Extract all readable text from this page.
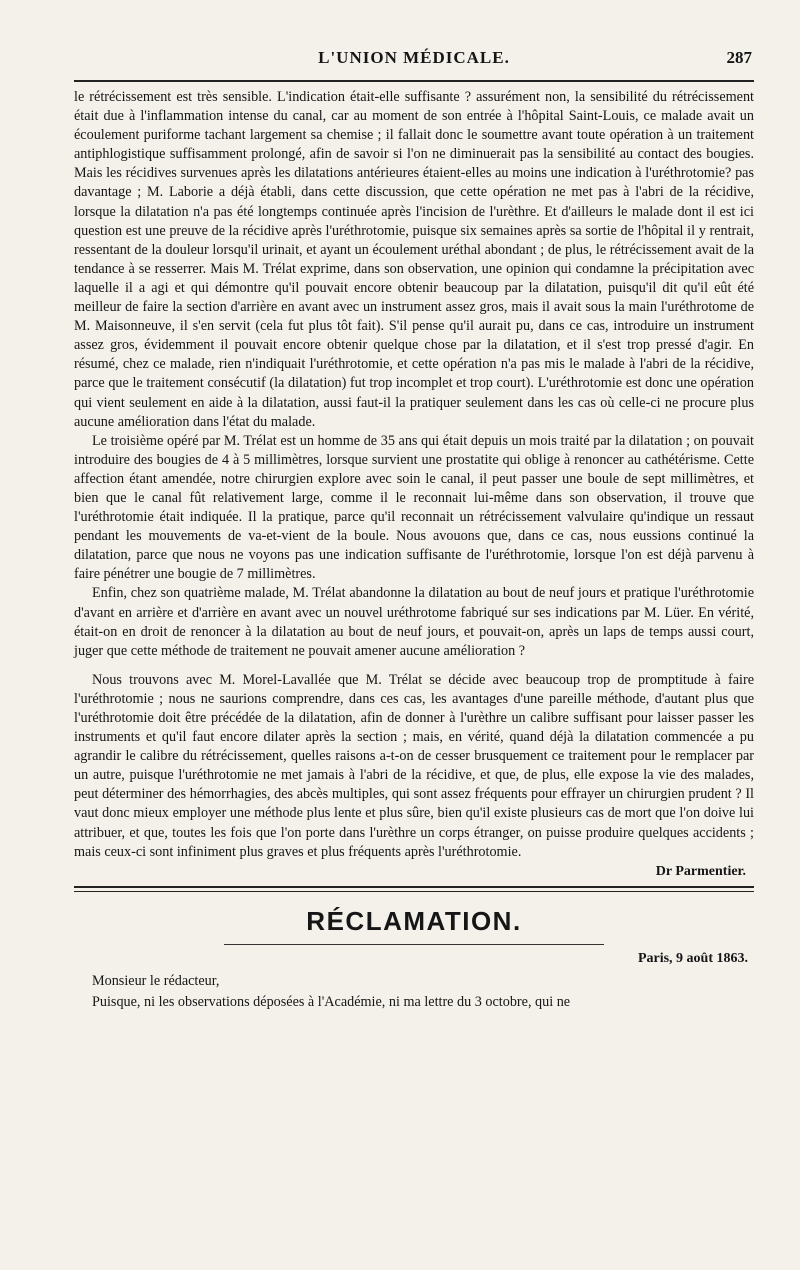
L'UNION MÉDICALE.	287

le rétrécissement est très sensible. L'indication était-elle suffisante ? assurément non, la sensibilité du rétrécissement était due à l'inflammation intense du canal, car au moment de son entrée à l'hôpital Saint-Louis, ce malade avait un écoulement puriforme tachant largement sa chemise ; il fallait donc le soumettre avant toute opération à un traitement antiphlogistique suffisamment prolongé, afin de savoir si l'on ne diminuerait pas la sensibilité au contact des bougies. Mais les récidives survenues après les dilatations antérieures étaient-elles au moins une indication à l'uréthrotomie? pas davantage ; M. Laborie a déjà établi, dans cette discussion, que cette opération ne met pas à l'abri de la récidive, lorsque la dilatation n'a pas été longtemps continuée après l'incision de l'urèthre. Et d'ailleurs le malade dont il est ici question est une preuve de la récidive après l'uréthrotomie, puisque six semaines après sa sortie de l'hôpital il y rentrait, ressentant de la douleur lorsqu'il urinait, et ayant un écoulement uréthal abondant ; de plus, le rétrécissement avait de la tendance à se resserrer. Mais M. Trélat exprime, dans son observation, une opinion qui condamne la précipitation avec laquelle il a agi et qui démontre qu'il pouvait encore obtenir beaucoup par la dilatation, puisqu'il dit qu'il eût été meilleur de faire la section d'arrière en avant avec un instrument assez gros, mais il avait sous la main l'uréthrotome de M. Maisonneuve, il s'en servit (cela fut plus tôt fait). S'il pense qu'il aurait pu, dans ce cas, introduire un instrument assez gros, évidemment il pouvait encore obtenir quelque chose par la dilatation, et il s'est trop pressé d'agir. En résumé, chez ce malade, rien n'indiquait l'uréthrotomie, et cette opération n'a pas mis le malade à l'abri de la récidive, parce que le traitement consécutif (la dilatation) fut trop incomplet et trop court). L'uréthrotomie est donc une opération qui vient seulement en aide à la dilatation, aussi faut-il la pratiquer seulement dans les cas où celle-ci ne procure plus aucune amélioration dans l'état du malade.

Le troisième opéré par M. Trélat est un homme de 35 ans qui était depuis un mois traité par la dilatation ; on pouvait introduire des bougies de 4 à 5 millimètres, lorsque survient une prostatite qui oblige à renoncer au cathétérisme. Cette affection étant amendée, notre chirurgien explore avec soin le canal, il peut passer une boule de sept millimètres, et bien que le canal fût relativement large, comme il le reconnait lui-même dans son observation, il trouve que l'uréthrotomie était indiquée. Il la pratique, parce qu'il reconnait un rétrécissement valvulaire qu'indique un ressaut pendant les mouvements de va-et-vient de la boule. Nous avouons que, dans ce cas, nous eussions continué la dilatation, parce que nous ne voyons pas une indication suffisante de l'uréthrotomie, lorsque l'on est déjà parvenu à faire pénétrer une bougie de 7 millimètres.

Enfin, chez son quatrième malade, M. Trélat abandonne la dilatation au bout de neuf jours et pratique l'uréthrotomie d'avant en arrière et d'arrière en avant avec un nouvel uréthrotome fabriqué sur ses indications par M. Lüer. En vérité, était-on en droit de renoncer à la dilatation au bout de neuf jours, et pouvait-on, après un laps de temps aussi court, juger que cette méthode de traitement ne pouvait amener aucune amélioration ?

Nous trouvons avec M. Morel-Lavallée que M. Trélat se décide avec beaucoup trop de promptitude à faire l'uréthrotomie ; nous ne saurions comprendre, dans ces cas, les avantages d'une pareille méthode, d'autant plus que l'uréthrotomie doit être précédée de la dilatation, afin de donner à l'urèthre un calibre suffisant pour laisser passer les instruments et qu'il faut encore dilater après la section ; mais, en vérité, quand déjà la dilatation commencée a pu agrandir le calibre du rétrécissement, quelles raisons a-t-on de cesser brusquement ce traitement pour le remplacer par un autre, puisque l'uréthrotomie ne met jamais à l'abri de la récidive, et que, de plus, elle expose la vie des malades, peut déterminer des hémorrhagies, des abcès multiples, qui sont assez fréquents pour effrayer un chirurgien prudent ? Il vaut donc mieux employer une méthode plus lente et plus sûre, bien qu'il existe plusieurs cas de mort que l'on doive lui attribuer, et que, toutes les fois que l'on porte dans l'urèthre un corps étranger, on puisse produire quelques accidents ; mais ceux-ci sont infiniment plus graves et plus fréquents après l'uréthrotomie.

Dr Parmentier.
RÉCLAMATION.
Paris, 9 août 1863.
Monsieur le rédacteur,
Puisque, ni les observations déposées à l'Académie, ni ma lettre du 3 octobre, qui ne
